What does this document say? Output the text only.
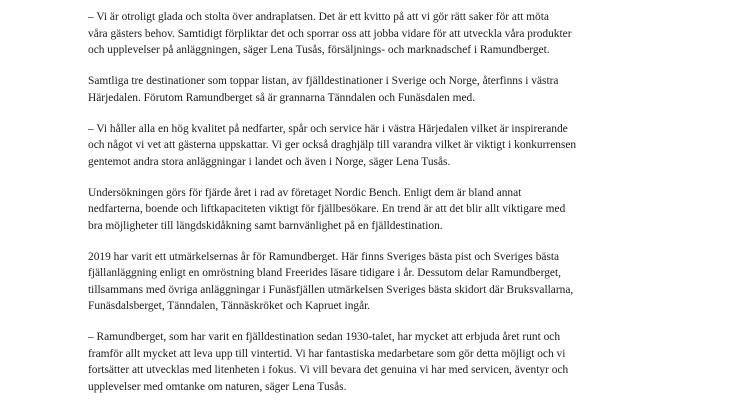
– Vi är otroligt glada och stolta över andraplatsen. Det är ett kvitto på att vi gör rätt saker för att möta
våra gästers behov. Samtidigt förpliktar det och sporrar oss att jobba vidare för att utveckla våra produkter
och upplevelser på anläggningen, säger Lena Tusås, försäljnings- och marknadschef i Ramundberget.

Samtliga tre destinationer som toppar listan, av fjälldestinationer i Sverige och Norge, återfinns i västra
Härjedalen. Förutom Ramundberget så är grannarna Tänndalen och Funäsdalen med.

– Vi håller alla en hög kvalitet på nedfarter, spår och service här i västra Härjedalen vilket är inspirerande
och något vi vet att gästerna uppskattar. Vi ger också draghjälp till varandra vilket är viktigt i konkurrensen
gentemot andra stora anläggningar i landet och även i Norge, säger Lena Tusås.

Undersökningen görs för fjärde året i rad av företaget Nordic Bench. Enligt dem är bland annat
nedfarterna, boende och liftkapaciteten viktigt för fjällbesökare. En trend är att det blir allt viktigare med
bra möjligheter till längdskidåkning samt barnvänlighet på en fjälldestination.

2019 har varit ett utmärkelsernas år för Ramundberget. Här finns Sveriges bästa pist och Sveriges bästa
fjällanläggning enligt en omröstning bland Freerides läsare tidigare i år. Dessutom delar Ramundberget,
tillsammans med övriga anläggningar i Funäsfjällen utmärkelsen Sveriges bästa skidort där Bruksvallarna,
Funäsdalsberget, Tänndalen, Tännäskröket och Kapruet ingår.

– Ramundberget, som har varit en fjälldestination sedan 1930-talet, har mycket att erbjuda året runt och
framför allt mycket att leva upp till vintertid. Vi har fantastiska medarbetare som gör detta möjligt och vi
fortsätter att utvecklas med litenheten i fokus. Vi vill bevara det genuina vi har med servicen, äventyr och
upplevelser med omtanke om naturen, säger Lena Tusås.
